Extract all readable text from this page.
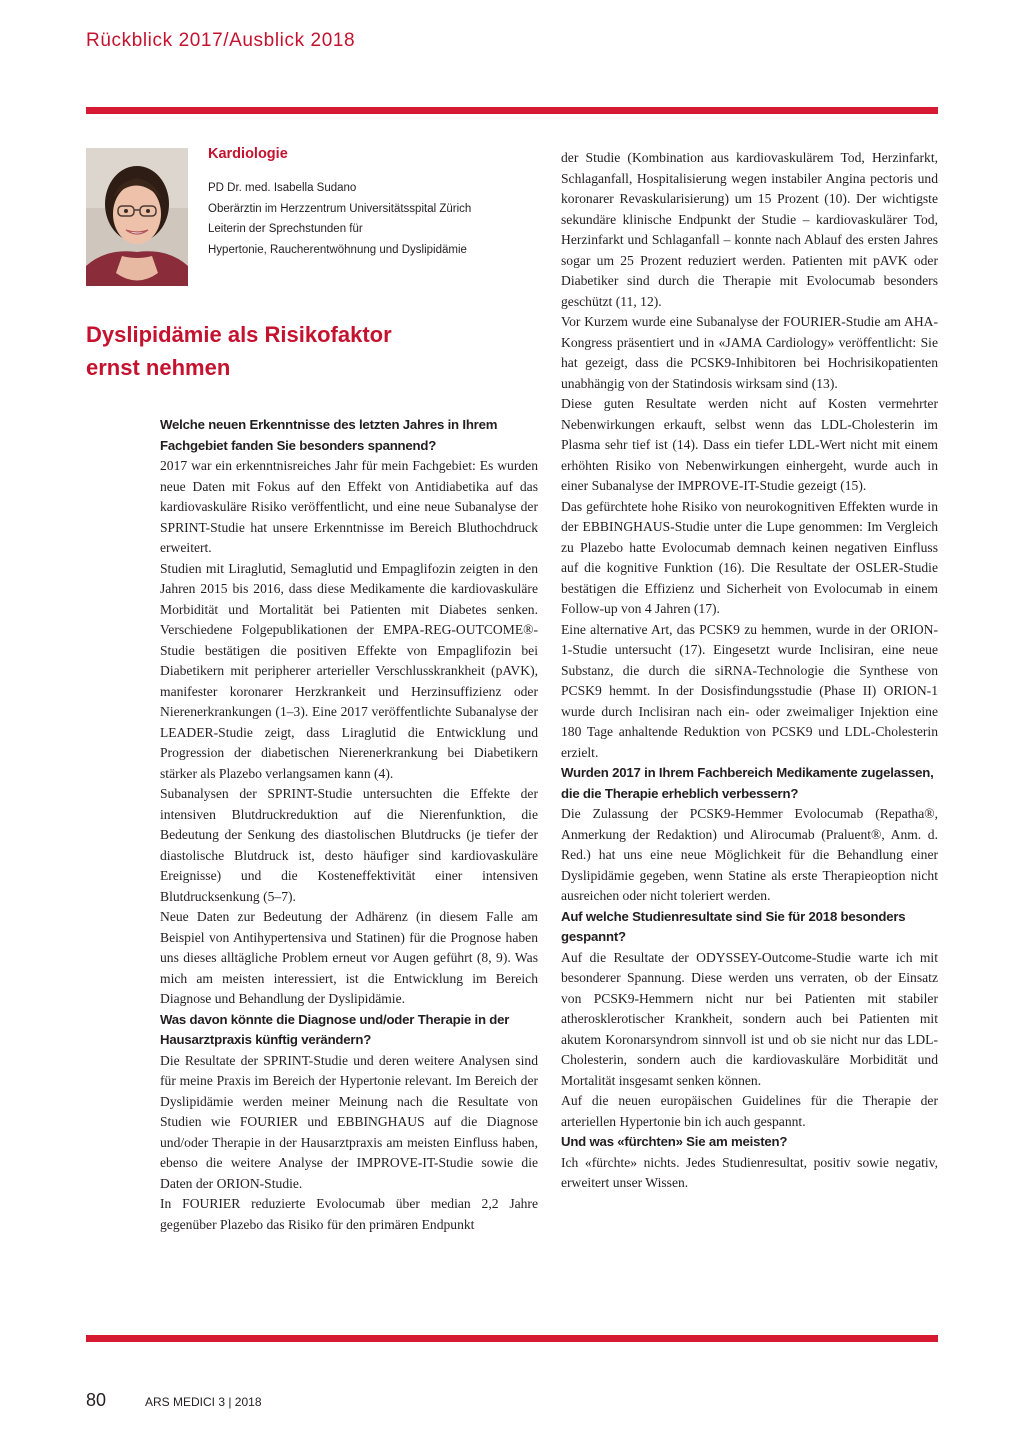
Rückblick 2017/Ausblick 2018
Kardiologie
PD Dr. med. Isabella Sudano
Oberärztin im Herzzentrum Universitätsspital Zürich
Leiterin der Sprechstunden für
Hypertonie, Raucherentwöhnung und Dyslipidämie
Dyslipidämie als Risikofaktor
ernst nehmen

Welche neuen Erkenntnisse des letzten Jahres in Ihrem Fachgebiet fanden Sie besonders spannend?

2017 war ein erkenntnisreiches Jahr für mein Fachgebiet: Es wurden neue Daten mit Fokus auf den Effekt von Antidiabetika auf das kardiovaskuläre Risiko veröffentlicht, und eine neue Subanalyse der SPRINT-Studie hat unsere Erkenntnisse im Bereich Bluthochdruck erweitert.

Studien mit Liraglutid, Semaglutid und Empaglifozin zeigten in den Jahren 2015 bis 2016, dass diese Medikamente die kardiovaskuläre Morbidität und Mortalität bei Patienten mit Diabetes senken. Verschiedene Folgepublikationen der EMPA-REG-OUTCOME®-Studie bestätigen die positiven Effekte von Empaglifozin bei Diabetikern mit peripherer arterieller Verschlusskrankheit (pAVK), manifester koronarer Herzkrankeit und Herzinsuffizienz oder Nierenerkrankungen (1–3). Eine 2017 veröffentlichte Subanalyse der LEADER-Studie zeigt, dass Liraglutid die Entwicklung und Progression der diabetischen Nierenerkrankung bei Diabetikern stärker als Plazebo verlangsamen kann (4).

Subanalysen der SPRINT-Studie untersuchten die Effekte der intensiven Blutdruckreduktion auf die Nierenfunktion, die Bedeutung der Senkung des diastolischen Blutdrucks (je tiefer der diastolische Blutdruck ist, desto häufiger sind kardiovaskuläre Ereignisse) und die Kosteneffektivität einer intensiven Blutdrucksenkung (5–7).

Neue Daten zur Bedeutung der Adhärenz (in diesem Falle am Beispiel von Antihypertensiva und Statinen) für die Prognose haben uns dieses alltägliche Problem erneut vor Augen geführt (8, 9). Was mich am meisten interessiert, ist die Entwicklung im Bereich Diagnose und Behandlung der Dyslipidämie.

Was davon könnte die Diagnose und/oder Therapie in der Hausarztpraxis künftig verändern?

Die Resultate der SPRINT-Studie und deren weitere Analysen sind für meine Praxis im Bereich der Hypertonie relevant. Im Bereich der Dyslipidämie werden meiner Meinung nach die Resultate von Studien wie FOURIER und EBBINGHAUS auf die Diagnose und/oder Therapie in der Hausarztpraxis am meisten Einfluss haben, ebenso die weitere Analyse der IMPROVE-IT-Studie sowie die Daten der ORION-Studie.

In FOURIER reduzierte Evolocumab über median 2,2 Jahre gegenüber Plazebo das Risiko für den primären Endpunkt

der Studie (Kombination aus kardiovaskulärem Tod, Herzinfarkt, Schlaganfall, Hospitalisierung wegen instabiler Angina pectoris und koronarer Revaskularisierung) um 15 Prozent (10). Der wichtigste sekundäre klinische Endpunkt der Studie – kardiovaskulärer Tod, Herzinfarkt und Schlaganfall – konnte nach Ablauf des ersten Jahres sogar um 25 Prozent reduziert werden. Patienten mit pAVK oder Diabetiker sind durch die Therapie mit Evolocumab besonders geschützt (11, 12).

Vor Kurzem wurde eine Subanalyse der FOURIER-Studie am AHA-Kongress präsentiert und in «JAMA Cardiology» veröffentlicht: Sie hat gezeigt, dass die PCSK9-Inhibitoren bei Hochrisikopatienten unabhängig von der Statindosis wirksam sind (13).

Diese guten Resultate werden nicht auf Kosten vermehrter Nebenwirkungen erkauft, selbst wenn das LDL-Cholesterin im Plasma sehr tief ist (14). Dass ein tiefer LDL-Wert nicht mit einem erhöhten Risiko von Nebenwirkungen einhergeht, wurde auch in einer Subanalyse der IMPROVE-IT-Studie gezeigt (15).

Das gefürchtete hohe Risiko von neurokognitiven Effekten wurde in der EBBINGHAUS-Studie unter die Lupe genommen: Im Vergleich zu Plazebo hatte Evolocumab demnach keinen negativen Einfluss auf die kognitive Funktion (16). Die Resultate der OSLER-Studie bestätigen die Effizienz und Sicherheit von Evolocumab in einem Follow-up von 4 Jahren (17).

Eine alternative Art, das PCSK9 zu hemmen, wurde in der ORION-1-Studie untersucht (17). Eingesetzt wurde Inclisiran, eine neue Substanz, die durch die siRNA-Technologie die Synthese von PCSK9 hemmt. In der Dosisfindungsstudie (Phase II) ORION-1 wurde durch Inclisiran nach ein- oder zweimaliger Injektion eine 180 Tage anhaltende Reduktion von PCSK9 und LDL-Cholesterin erzielt.

Wurden 2017 in Ihrem Fachbereich Medikamente zugelassen, die die Therapie erheblich verbessern?

Die Zulassung der PCSK9-Hemmer Evolocumab (Repatha®, Anmerkung der Redaktion) und Alirocumab (Praluent®, Anm. d. Red.) hat uns eine neue Möglichkeit für die Behandlung einer Dyslipidämie gegeben, wenn Statine als erste Therapieoption nicht ausreichen oder nicht toleriert werden.

Auf welche Studienresultate sind Sie für 2018 besonders gespannt?

Auf die Resultate der ODYSSEY-Outcome-Studie warte ich mit besonderer Spannung. Diese werden uns verraten, ob der Einsatz von PCSK9-Hemmern nicht nur bei Patienten mit stabiler atherosklerotischer Krankheit, sondern auch bei Patienten mit akutem Koronarsyndrom sinnvoll ist und ob sie nicht nur das LDL-Cholesterin, sondern auch die kardiovaskuläre Morbidität und Mortalität insgesamt senken können.

Auf die neuen europäischen Guidelines für die Therapie der arteriellen Hypertonie bin ich auch gespannt.

Und was «fürchten» Sie am meisten?

Ich «fürchte» nichts. Jedes Studienresultat, positiv sowie negativ, erweitert unser Wissen.

80	ARS MEDICI 3 | 2018
